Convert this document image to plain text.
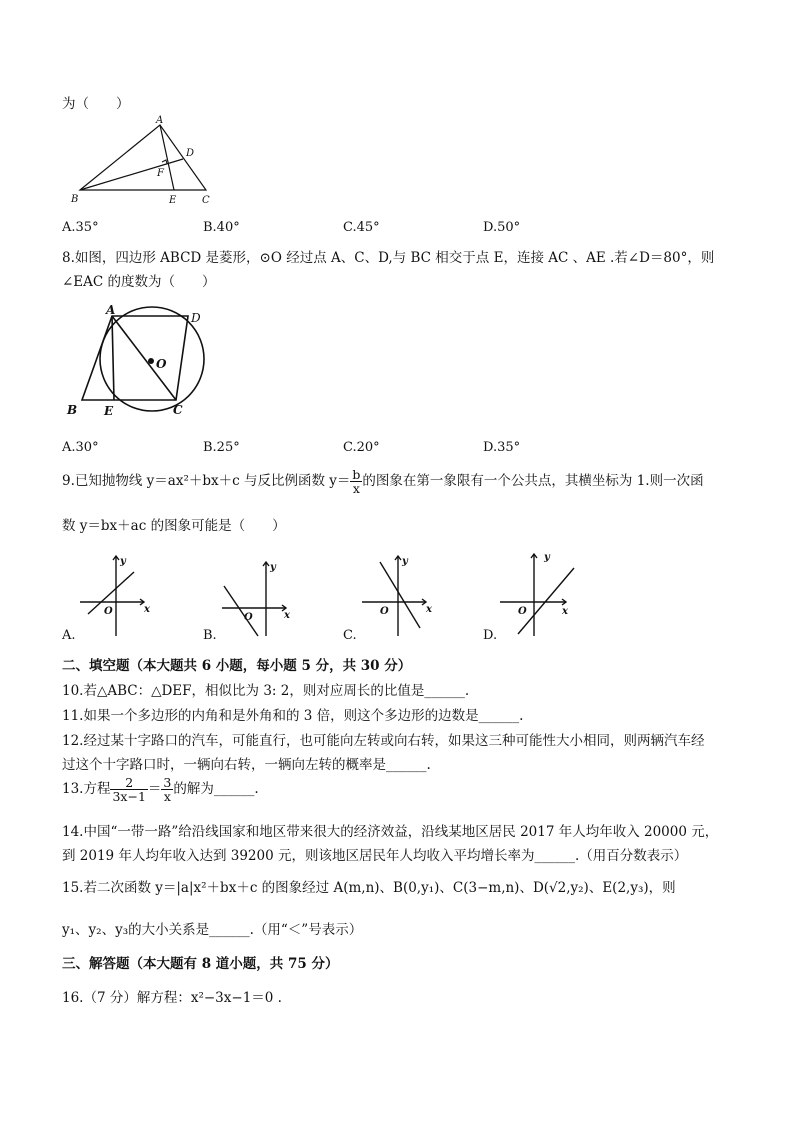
为（　　）
A
D
F
B	E	C
A.35°	B.40°	C.45°	D.50°
8.如图，四边形 ABCD 是菱形，⊙O 经过点 A、C、D,与 BC 相交于点 E，连接 AC 、AE .若∠D＝80°，则
∠EAC 的度数为（　　）
A
D
O
B E	C
A.30°	B.25°	C.20°	D.35°
9.已知抛物线 y＝ax²＋bx＋c 与反比例函数 $y= \frac{b}{x}$ 的图象在第一象限有一个公共点，其横坐标为 1.则一次函
数 y＝bx＋ac 的图象可能是（　　）
y
x
O
y
x
O
y
x
O
y
x
O
A.	B.	C.	D.
二、填空题（本大题共 6 小题，每小题 5 分，共 30 分）
10.若△ABC：△DEF，相似比为 3: 2，则对应周长的比值是______.
11.如果一个多边形的内角和是外角和的 3 倍，则这个多边形的边数是______.
12.经过某十字路口的汽车，可能直行，也可能向左转或向右转，如果这三种可能性大小相同，则两辆汽车经
过这个十字路口时，一辆向右转，一辆向左转的概率是______.
13.方程 $\frac{2}{3x-1} = \frac{3}{x}$ 的解为______.
14.中国“一带一路”给沿线国家和地区带来很大的经济效益，沿线某地区居民 2017 年人均年收入 20000 元，
到 2019 年人均年收入达到 39200 元，则该地区居民年人均收入平均增长率为______.（用百分数表示）
15.若二次函数 y＝|a|x²＋bx＋c 的图象经过 A(m,n)、B(0,y₁)、C(3−m,n)、D(√2,y₂)、E(2,y₃)，则
y₁、y₂、y₃的大小关系是______.（用“＜”号表示）
三、解答题（本大题有 8 道小题，共 75 分）
16.（7 分）解方程：x²−3x−1＝0 .
